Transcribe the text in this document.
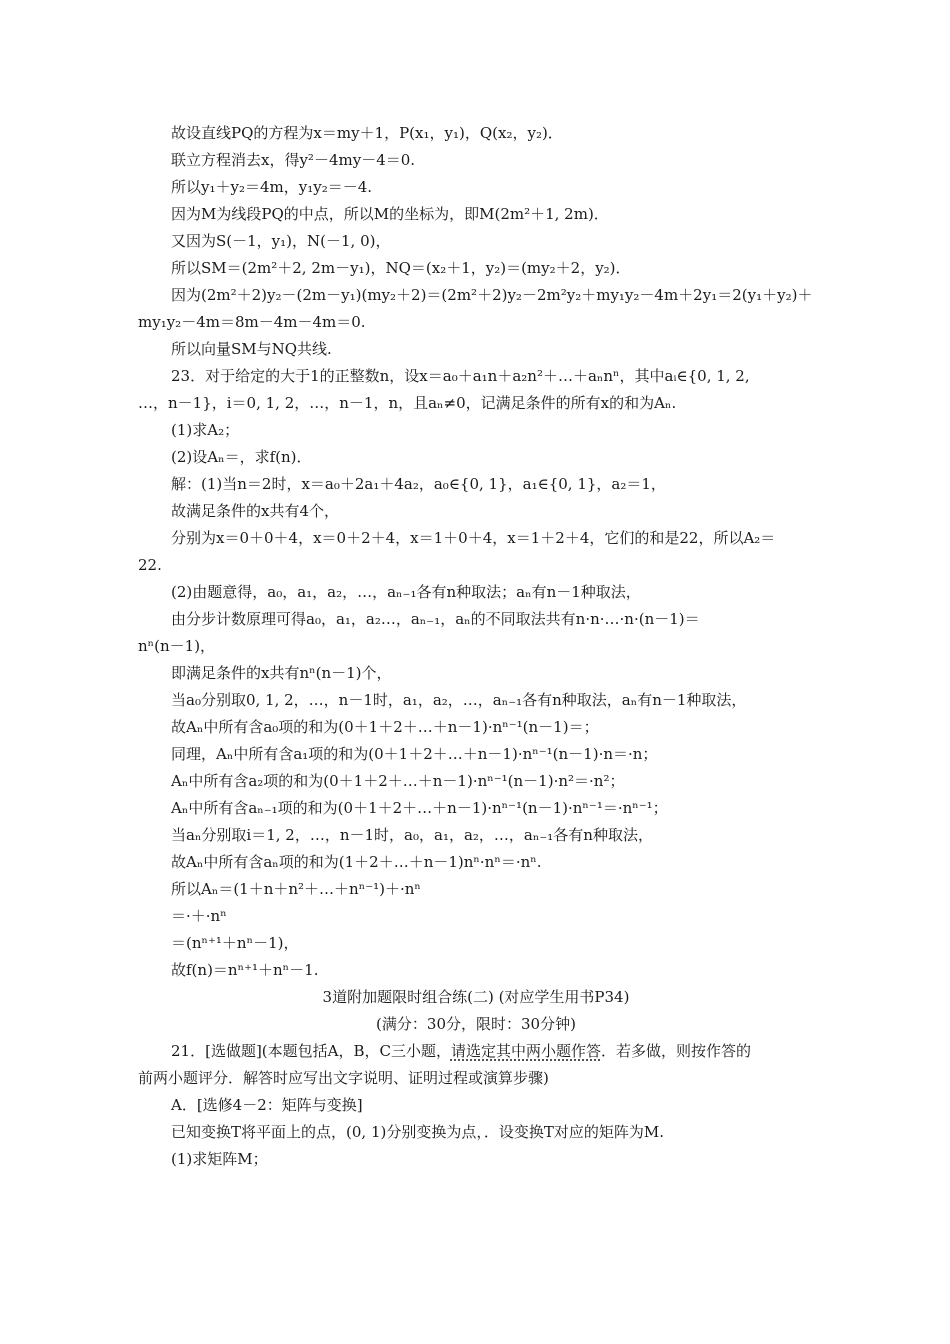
故设直线PQ的方程为x＝my＋1，P(x₁，y₁)，Q(x₂，y₂)．
联立方程消去x，得y²－4my－4＝0.
所以y₁＋y₂＝4m，y₁y₂＝－4.
因为M为线段PQ的中点，所以M的坐标为，即M(2m²＋1, 2m)．
又因为S(－1，y₁)，N(－1, 0)，
所以SM＝(2m²＋2, 2m－y₁)，NQ＝(x₂＋1，y₂)＝(my₂＋2，y₂)．
因为(2m²＋2)y₂－(2m－y₁)(my₂＋2)＝(2m²＋2)y₂－2m²y₂＋my₁y₂－4m＋2y₁＝2(y₁＋y₂)＋
my₁y₂－4m＝8m－4m－4m＝0.
所以向量SM与NQ共线.
23．对于给定的大于1的正整数n，设x＝a₀＋a₁n＋a₂n²＋…＋aₙnⁿ，其中aᵢ∈{0, 1, 2,
…，n－1}，i＝0, 1, 2，…，n－1，n，且aₙ≠0，记满足条件的所有x的和为Aₙ.
(1)求A₂；
(2)设Aₙ＝，求f(n)．
解：(1)当n＝2时，x＝a₀＋2a₁＋4a₂，a₀∈{0, 1}，a₁∈{0, 1}，a₂＝1，
故满足条件的x共有4个，
分别为x＝0＋0＋4，x＝0＋2＋4，x＝1＋0＋4，x＝1＋2＋4，它们的和是22，所以A₂＝
22.
(2)由题意得，a₀，a₁，a₂，…，aₙ₋₁各有n种取法；aₙ有n－1种取法，
由分步计数原理可得a₀，a₁，a₂…，aₙ₋₁，aₙ的不同取法共有n·n·…·n·(n－1)＝
nⁿ(n－1)，
即满足条件的x共有nⁿ(n－1)个，
当a₀分别取0, 1, 2，…，n－1时，a₁，a₂，…，aₙ₋₁各有n种取法，aₙ有n－1种取法，
故Aₙ中所有含a₀项的和为(0＋1＋2＋…＋n－1)·nⁿ⁻¹(n－1)＝；
同理，Aₙ中所有含a₁项的和为(0＋1＋2＋…＋n－1)·nⁿ⁻¹(n－1)·n＝·n；
Aₙ中所有含a₂项的和为(0＋1＋2＋…＋n－1)·nⁿ⁻¹(n－1)·n²＝·n²；
Aₙ中所有含aₙ₋₁项的和为(0＋1＋2＋…＋n－1)·nⁿ⁻¹(n－1)·nⁿ⁻¹＝·nⁿ⁻¹；
当aₙ分别取i＝1, 2，…，n－1时，a₀，a₁，a₂，…，aₙ₋₁各有n种取法，
故Aₙ中所有含aₙ项的和为(1＋2＋…＋n－1)nⁿ·nⁿ＝·nⁿ.
所以Aₙ＝(1＋n＋n²＋…＋nⁿ⁻¹)＋·nⁿ
＝·＋·nⁿ
＝(nⁿ⁺¹＋nⁿ－1)，
故f(n)＝nⁿ⁺¹＋nⁿ－1.
3道附加题限时组合练(二) (对应学生用书P34)
(满分：30分，限时：30分钟)
21．[选做题](本题包括A，B，C三小题，请选定其中两小题作答．若多做，则按作答的
前两小题评分．解答时应写出文字说明、证明过程或演算步骤)
A．[选修4－2：矩阵与变换]
已知变换T将平面上的点，(0, 1)分别变换为点，．设变换T对应的矩阵为M.
(1)求矩阵M；
